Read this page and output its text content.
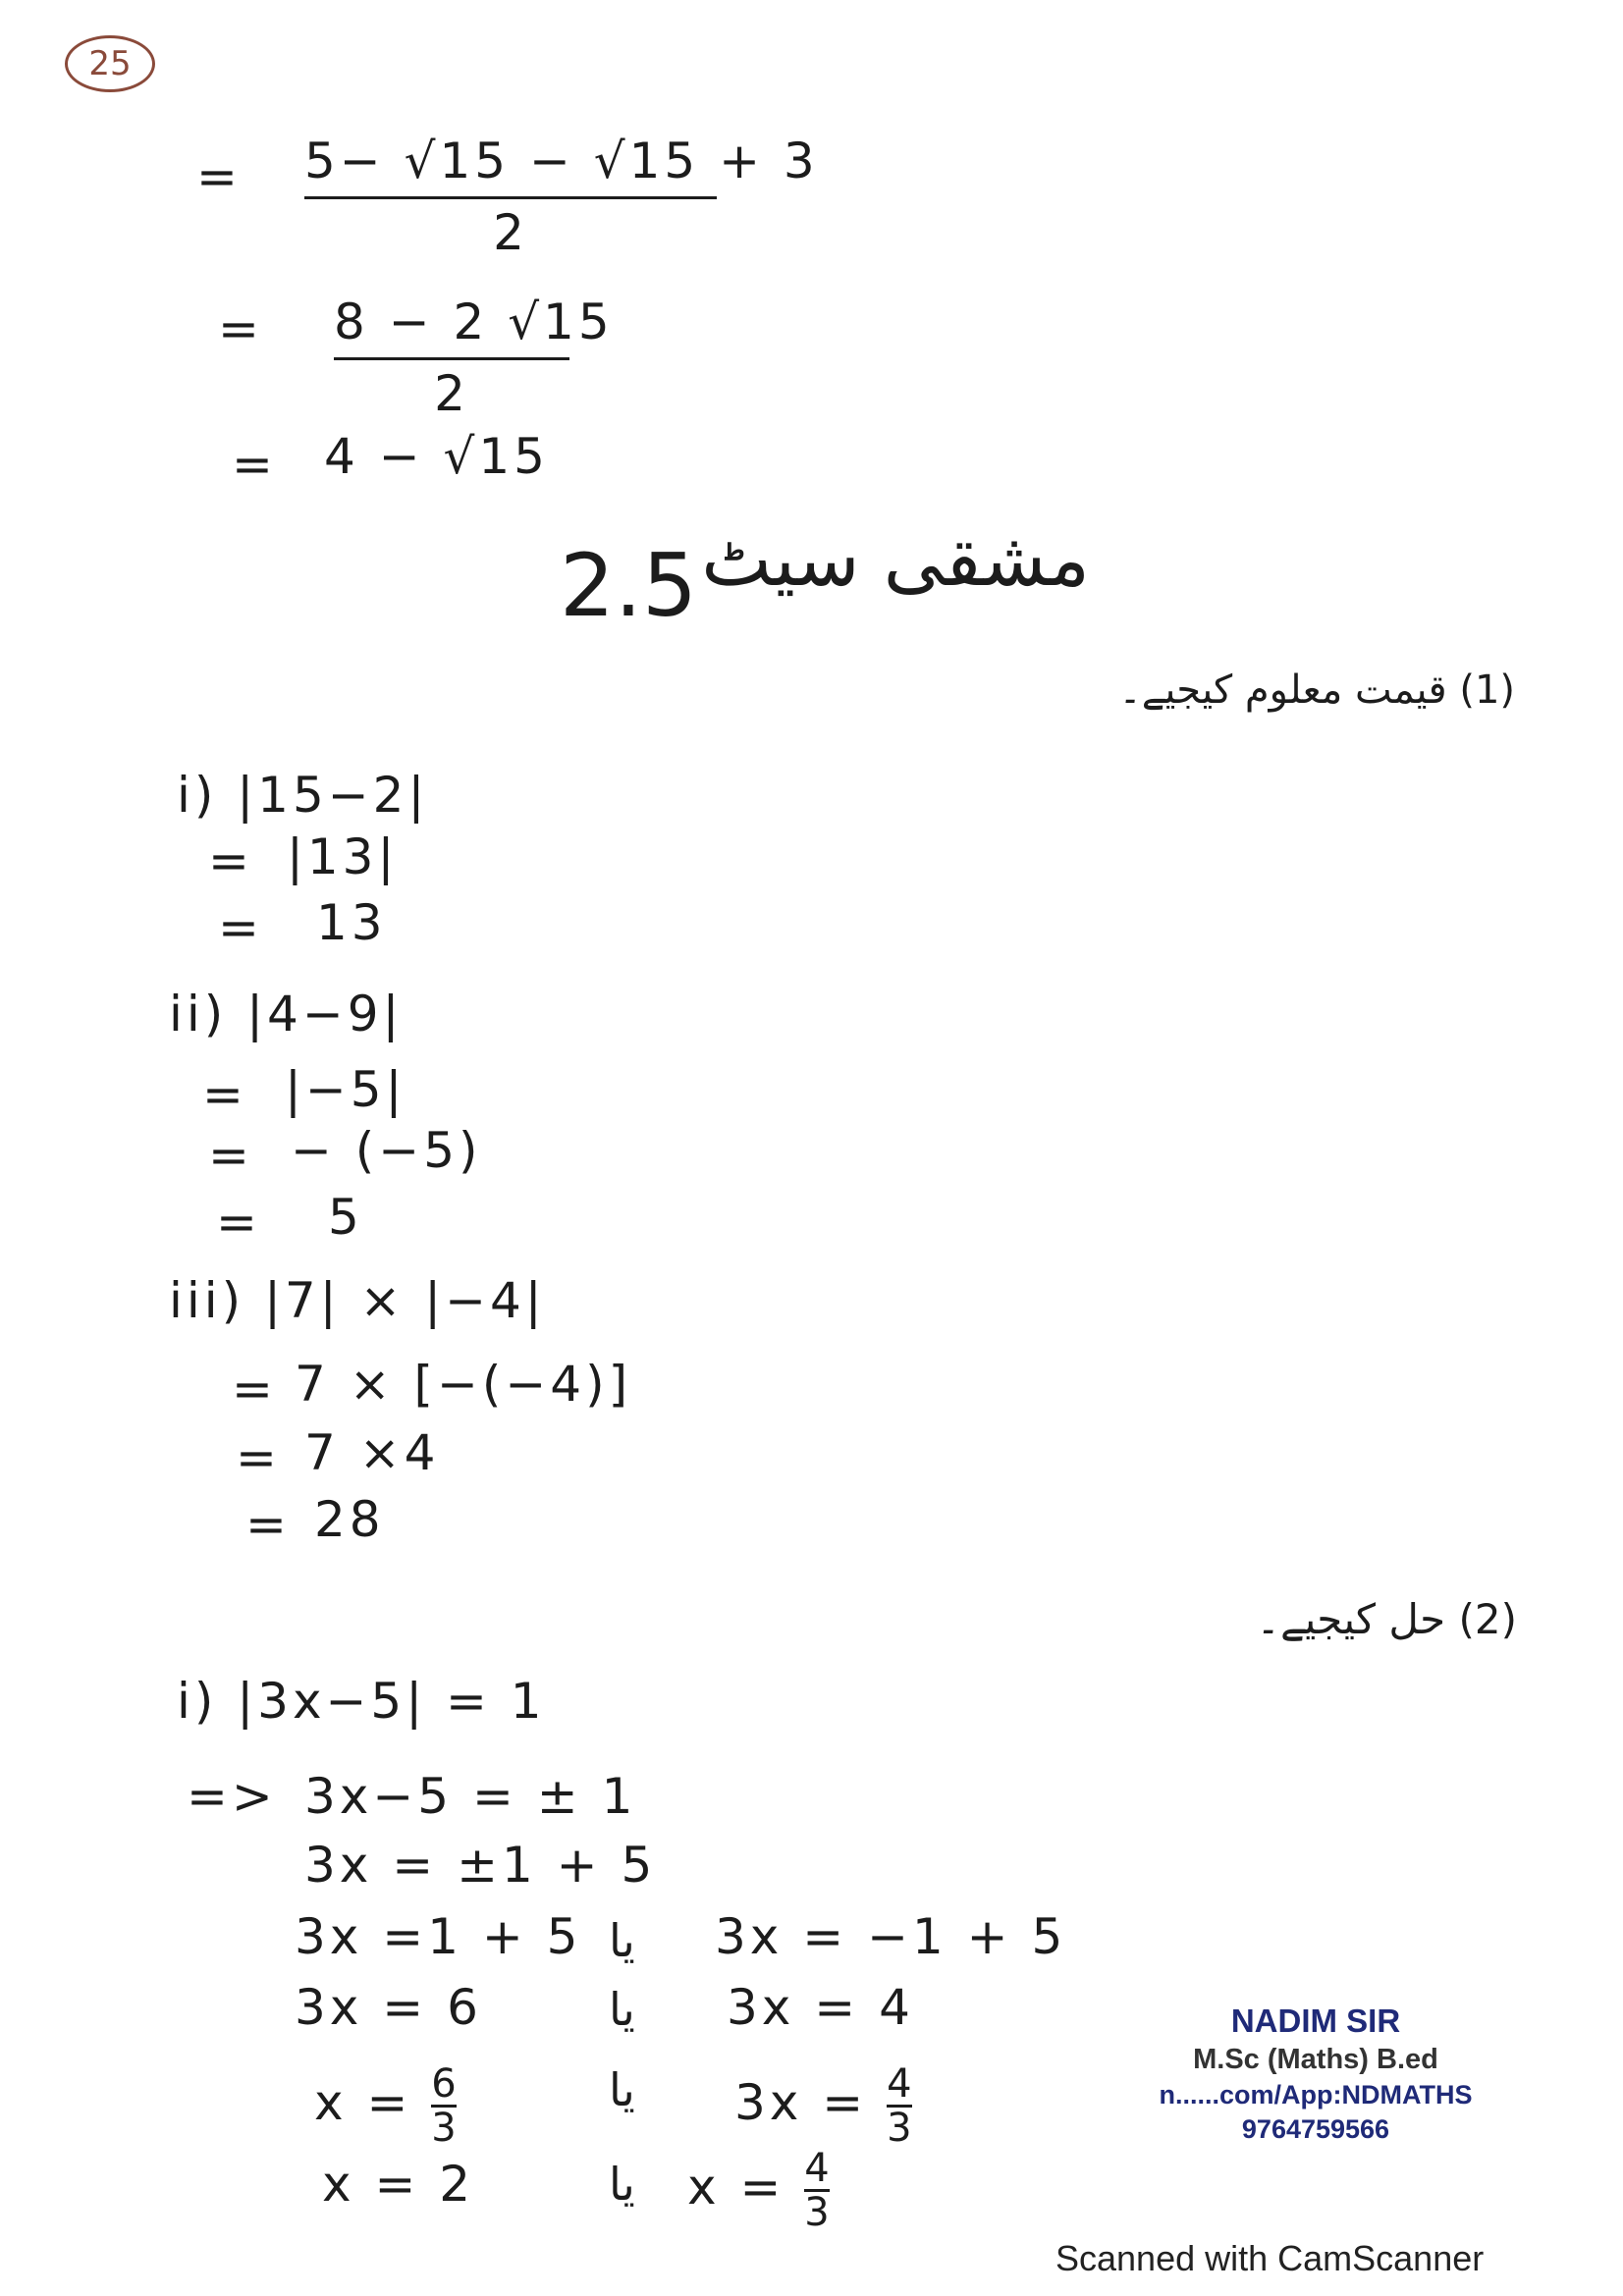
25
= 5− √15 − √15 + 3
2
= 8 − 2 √15
2
= 4 − √15
2.5 مشقی سیٹ
(1) قیمت معلوم کیجیے۔
i) |15−2|
= |13|
= 13
ii) |4−9|
= |−5|
= − (−5)
= 5
iii) |7| × |−4|
= 7 × [−(−4)]
= 7 ×4
= 28
(2) حل کیجیے۔
i) |3x−5| = 1
=> 3x−5 = ± 1
3x = ±1 + 5
3x =1 + 5
3x = 6
$x = \frac{6}{3}$
x = 2
یا
یا
یا
یا
3x = −1 + 5
3x = 4
$3x = \frac{4}{3}$
$x = \frac{4}{3}$
NADIM SIR
M.Sc (Maths) B.ed
n......com/App:NDMATHS
9764759566
Scanned with CamScanner
